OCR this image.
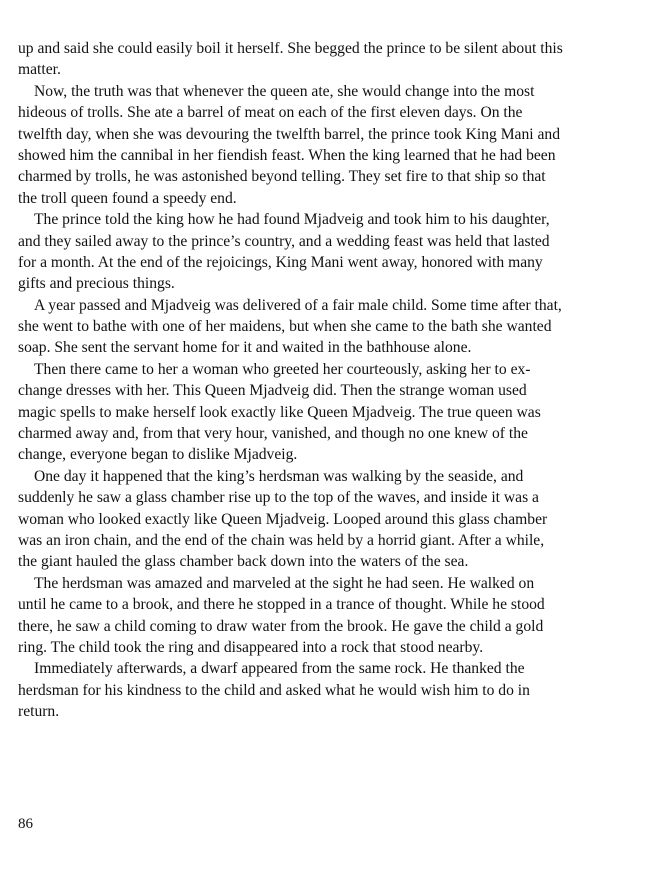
up and said she could easily boil it herself. She begged the prince to be silent about this
matter.
Now, the truth was that whenever the queen ate, she would change into the most
hideous of trolls. She ate a barrel of meat on each of the first eleven days. On the
twelfth day, when she was devouring the twelfth barrel, the prince took King Mani and
showed him the cannibal in her fiendish feast. When the king learned that he had been
charmed by trolls, he was astonished beyond telling. They set fire to that ship so that
the troll queen found a speedy end.
The prince told the king how he had found Mjadveig and took him to his daughter,
and they sailed away to the prince’s country, and a wedding feast was held that lasted
for a month. At the end of the rejoicings, King Mani went away, honored with many
gifts and precious things.
A year passed and Mjadveig was delivered of a fair male child. Some time after that,
she went to bathe with one of her maidens, but when she came to the bath she wanted
soap. She sent the servant home for it and waited in the bathhouse alone.
Then there came to her a woman who greeted her courteously, asking her to ex-
change dresses with her. This Queen Mjadveig did. Then the strange woman used
magic spells to make herself look exactly like Queen Mjadveig. The true queen was
charmed away and, from that very hour, vanished, and though no one knew of the
change, everyone began to dislike Mjadveig.
One day it happened that the king’s herdsman was walking by the seaside, and
suddenly he saw a glass chamber rise up to the top of the waves, and inside it was a
woman who looked exactly like Queen Mjadveig. Looped around this glass chamber
was an iron chain, and the end of the chain was held by a horrid giant. After a while,
the giant hauled the glass chamber back down into the waters of the sea.
The herdsman was amazed and marveled at the sight he had seen. He walked on
until he came to a brook, and there he stopped in a trance of thought. While he stood
there, he saw a child coming to draw water from the brook. He gave the child a gold
ring. The child took the ring and disappeared into a rock that stood nearby.
Immediately afterwards, a dwarf appeared from the same rock. He thanked the
herdsman for his kindness to the child and asked what he would wish him to do in
return.
86
